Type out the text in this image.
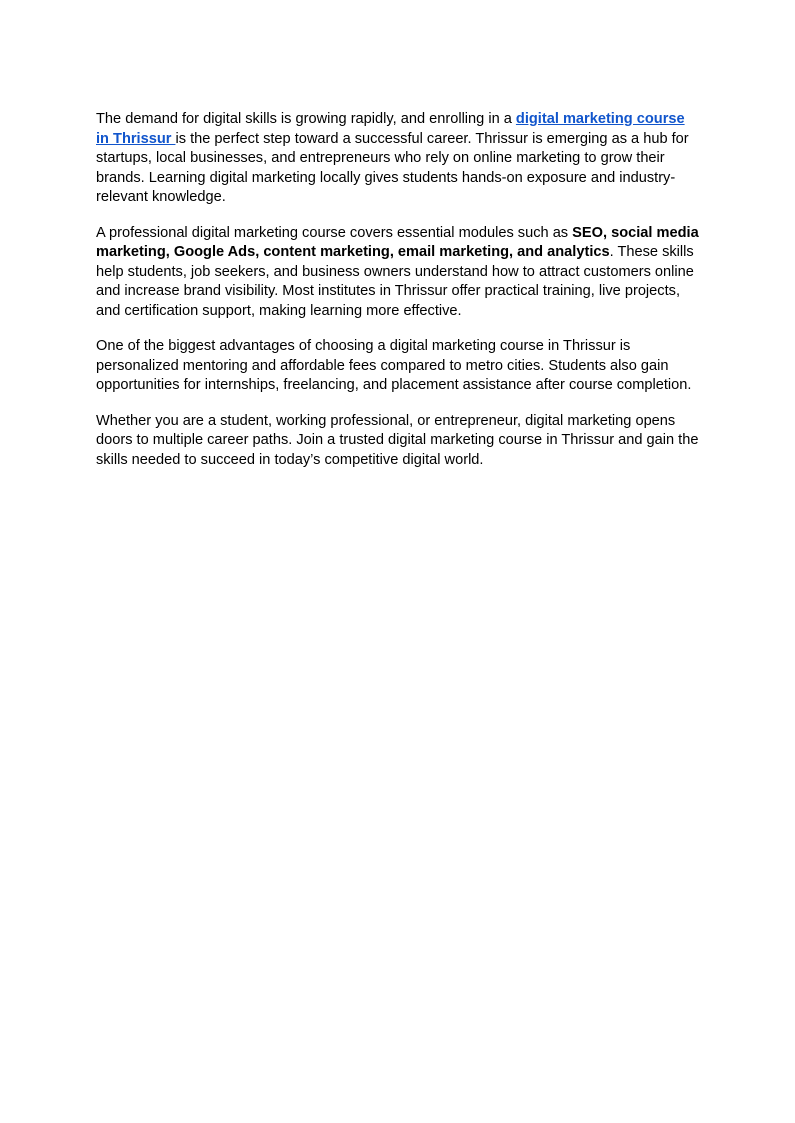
The demand for digital skills is growing rapidly, and enrolling in a digital marketing course in Thrissur is the perfect step toward a successful career. Thrissur is emerging as a hub for startups, local businesses, and entrepreneurs who rely on online marketing to grow their brands. Learning digital marketing locally gives students hands-on exposure and industry-relevant knowledge.

A professional digital marketing course covers essential modules such as SEO, social media marketing, Google Ads, content marketing, email marketing, and analytics. These skills help students, job seekers, and business owners understand how to attract customers online and increase brand visibility. Most institutes in Thrissur offer practical training, live projects, and certification support, making learning more effective.

One of the biggest advantages of choosing a digital marketing course in Thrissur is personalized mentoring and affordable fees compared to metro cities. Students also gain opportunities for internships, freelancing, and placement assistance after course completion.

Whether you are a student, working professional, or entrepreneur, digital marketing opens doors to multiple career paths. Join a trusted digital marketing course in Thrissur and gain the skills needed to succeed in today’s competitive digital world.
